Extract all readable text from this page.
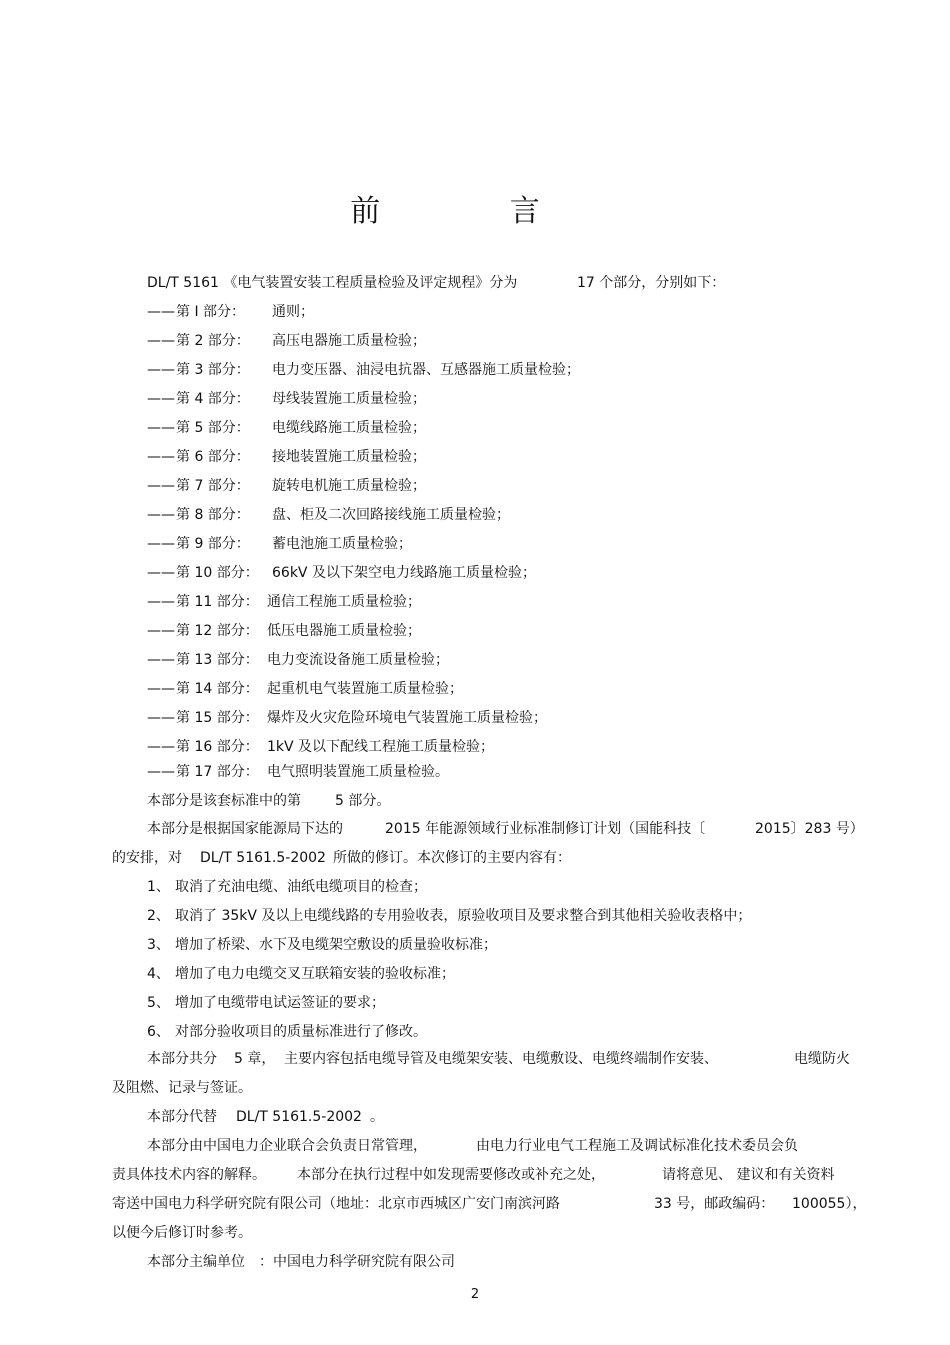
前 言
DL/T 5161 《电气装置安装工程质量检验及评定规程》分为	17 个部分，分别如下：
—— 第 I 部分： 通则；
—— 第 2 部分： 高压电器施工质量检验；
—— 第 3 部分： 电力变压器、油浸电抗器、互感器施工质量检验；
—— 第 4 部分： 母线装置施工质量检验；
—— 第 5 部分： 电缆线路施工质量检验；
—— 第 6 部分： 接地装置施工质量检验；
—— 第 7 部分： 旋转电机施工质量检验；
—— 第 8 部分： 盘、柜及二次回路接线施工质量检验；
—— 第 9 部分： 蓄电池施工质量检验；
—— 第 10 部分： 66kV 及以下架空电力线路施工质量检验；
—— 第 11 部分： 通信工程施工质量检验；
—— 第 12 部分： 低压电器施工质量检验；
—— 第 13 部分： 电力变流设备施工质量检验；
—— 第 14 部分： 起重机电气装置施工质量检验；
—— 第 15 部分： 爆炸及火灾危险环境电气装置施工质量检验；
—— 第 16 部分： 1kV 及以下配线工程施工质量检验；
—— 第 17 部分： 电气照明装置施工质量检验。
本部分是该套标准中的第 5 部分。
本部分是根据国家能源局下达的	2015 年能源领域行业标准制修订计划（国能科技〔	2015〕283 号）
的安排，对 DL/T 5161.5-2002 所做的修订。本次修订的主要内容有：
1、 取消了充油电缆、油纸电缆项目的检查；
2、 取消了 35kV 及以上电缆线路的专用验收表，原验收项目及要求整合到其他相关验收表格中；
3、 增加了桥梁、水下及电缆架空敷设的质量验收标准；
4、 增加了电力电缆交叉互联箱安装的验收标准；
5、 增加了电缆带电试运签证的要求；
6、 对部分验收项目的质量标准进行了修改。
本部分共分 5 章， 主要内容包括电缆导管及电缆架安装、电缆敷设、电缆终端制作安装、	电缆防火
及阻燃、记录与签证。
本部分代替 DL/T 5161.5-2002 。
本部分由中国电力企业联合会负责日常管理，	由电力行业电气工程施工及调试标准化技术委员会负
责具体技术内容的解释。 本部分在执行过程中如发现需要修改或补充之处，	请将意见、 建议和有关资料
寄送中国电力科学研究院有限公司（地址：北京市西城区广安门南滨河路	33 号，邮政编码： 100055），
以便今后修订时参考。
本部分主编单位 ：中国电力科学研究院有限公司
2
